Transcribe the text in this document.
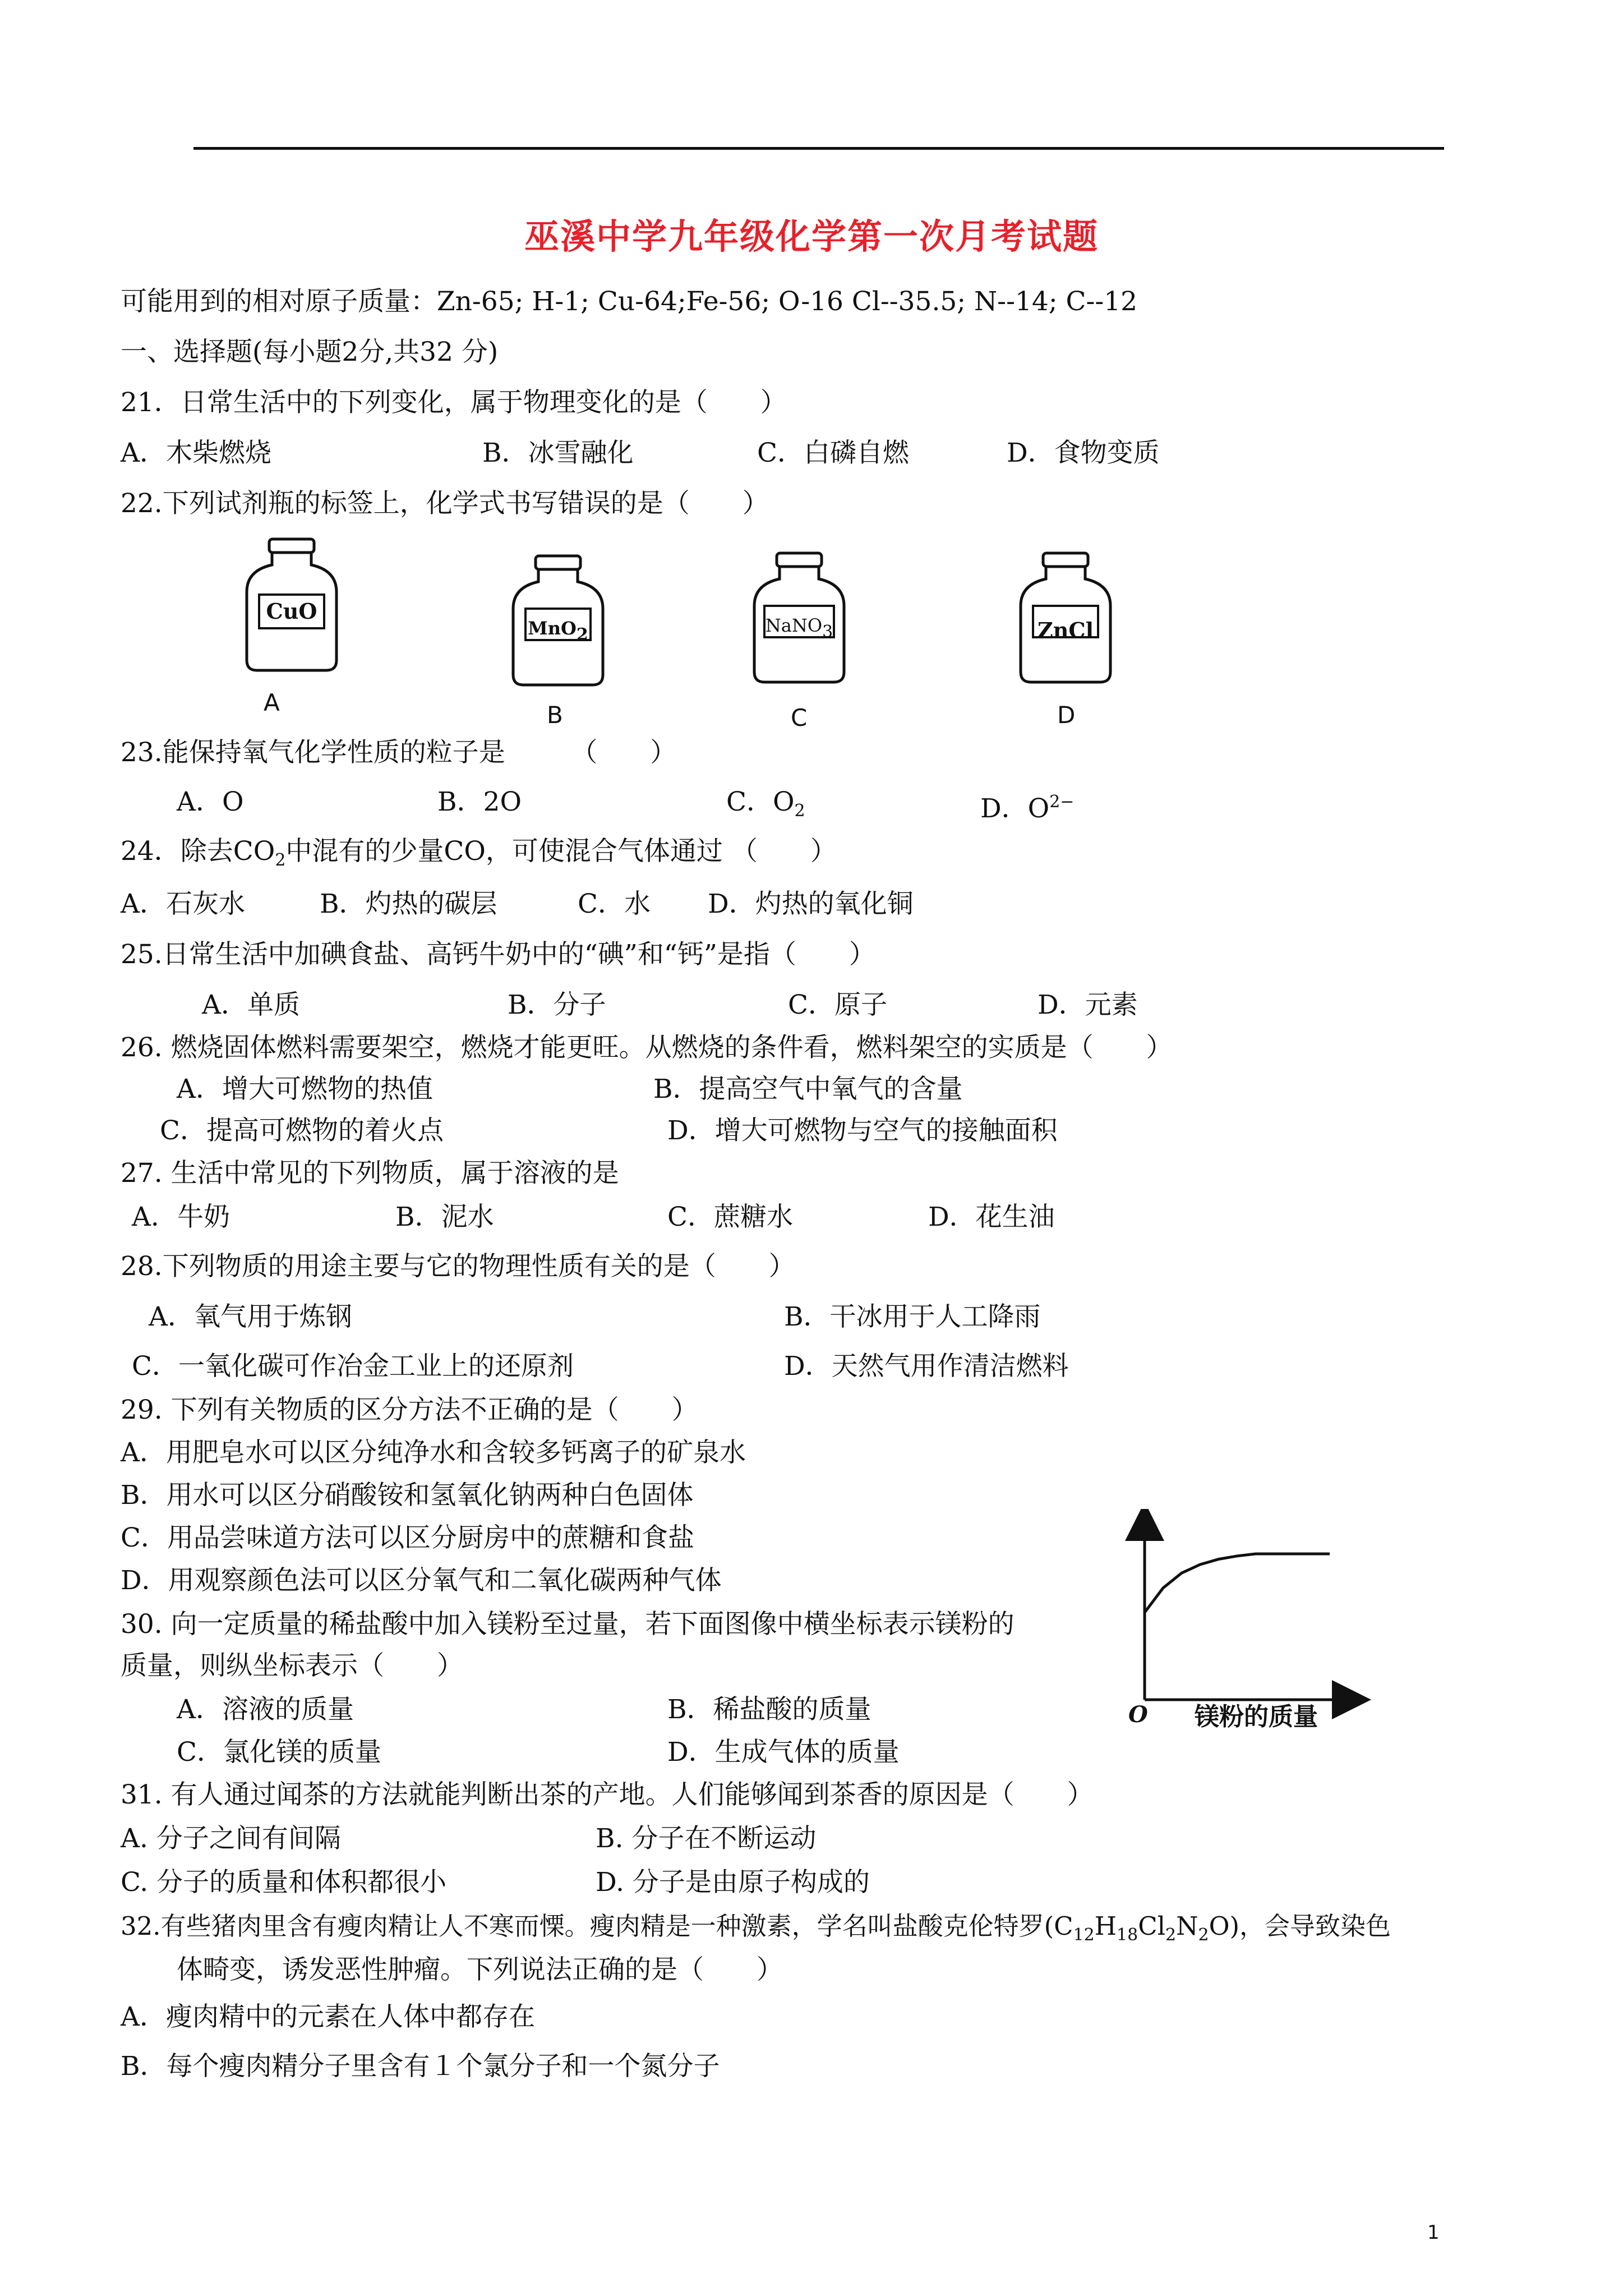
巫溪中学九年级化学第一次月考试题
可能用到的相对原子质量：Zn-65; H-1; Cu-64;Fe-56; O-16 Cl--35.5; N--14; C--12
一、选择题(每小题2分,共32 分)
21．日常生活中的下列变化，属于物理变化的是（　　）
A．木柴燃烧	B．冰雪融化	C．白磷自燃	D．食物变质
22.下列试剂瓶的标签上，化学式书写错误的是（　　）
CuO
A
MnO2
B
NaNO3
C
ZnCl
D
23.能保持氧气化学性质的粒子是　　　（　　）
A．O	B．2O	C．$O_2$	D．$O^{2-}$
24．除去$CO_2$中混有的少量CO，可使混合气体通过 （　　）
A．石灰水	B．灼热的碳层	C．水 D．灼热的氧化铜
25.日常生活中加碘食盐、高钙牛奶中的“碘”和“钙”是指（　　）
A．单质	B．分子	C．原子	D．元素
26. 燃烧固体燃料需要架空，燃烧才能更旺。从燃烧的条件看，燃料架空的实质是（　　）
A．增大可燃物的热值	B．提高空气中氧气的含量
C．提高可燃物的着火点	D．增大可燃物与空气的接触面积
27. 生活中常见的下列物质，属于溶液的是
A．牛奶	B．泥水	C．蔗糖水	D．花生油
28.下列物质的用途主要与它的物理性质有关的是（　　）
A．氧气用于炼钢	B．干冰用于人工降雨
C．一氧化碳可作冶金工业上的还原剂	D．天然气用作清洁燃料
29. 下列有关物质的区分方法不正确的是（　　）
A．用肥皂水可以区分纯净水和含较多钙离子的矿泉水
B．用水可以区分硝酸铵和氢氧化钠两种白色固体
C．用品尝味道方法可以区分厨房中的蔗糖和食盐
D．用观察颜色法可以区分氧气和二氧化碳两种气体
30. 向一定质量的稀盐酸中加入镁粉至过量，若下面图像中横坐标表示镁粉的
质量，则纵坐标表示（　　）
A．溶液的质量	B．稀盐酸的质量
C．氯化镁的质量	D．生成气体的质量
O 镁粉的质量
31. 有人通过闻茶的方法就能判断出茶的产地。人们能够闻到茶香的原因是（　　）
A. 分子之间有间隔	B. 分子在不断运动
C. 分子的质量和体积都很小	D. 分子是由原子构成的
32.有些猪肉里含有瘦肉精让人不寒而慄。瘦肉精是一种激素，学名叫盐酸克伦特罗$(C_{12}H_{18}Cl_2N_2O)$，会导致染色
体畸变，诱发恶性肿瘤。下列说法正确的是（　　）
A．瘦肉精中的元素在人体中都存在
B．每个瘦肉精分子里含有１个氯分子和一个氮分子
1
